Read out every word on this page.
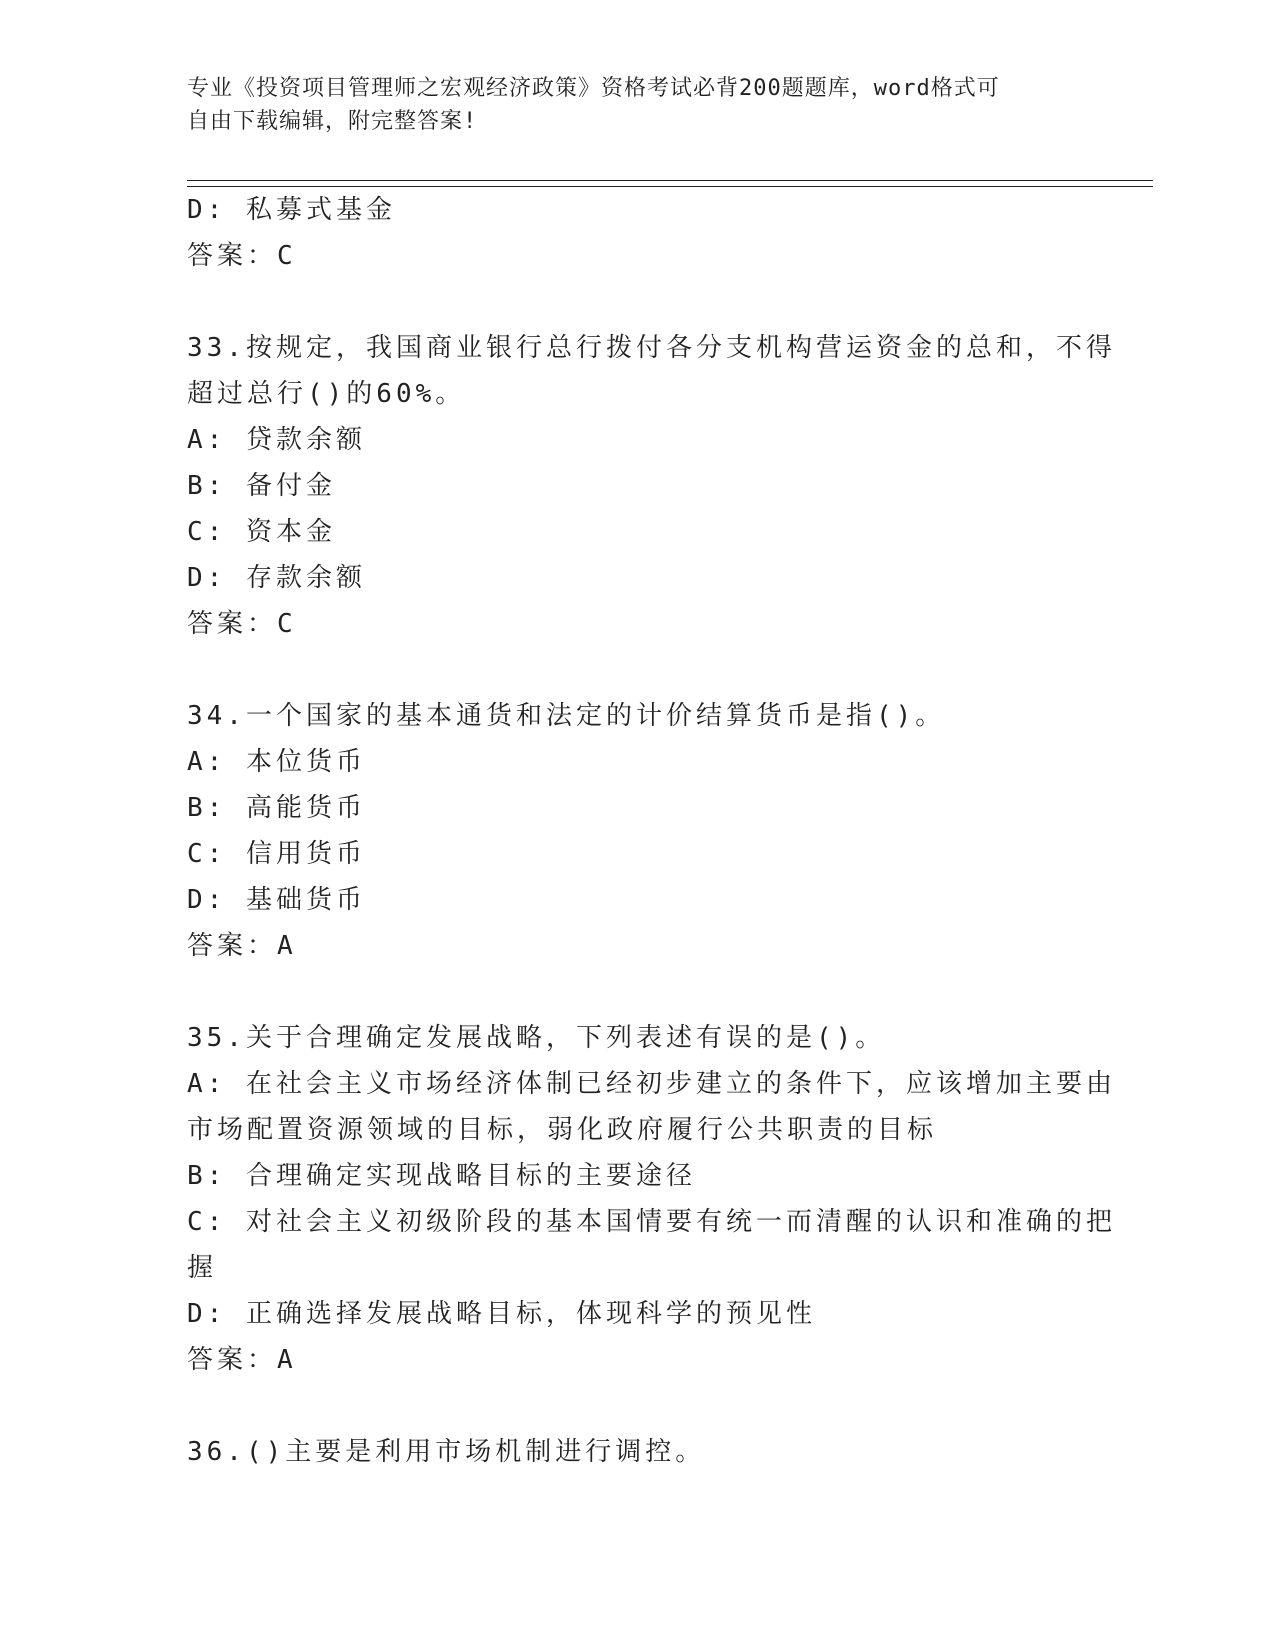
专业《投资项目管理师之宏观经济政策》资格考试必背200题题库，word格式可
自由下载编辑，附完整答案!

D: 私募式基金

答案：C

33.按规定，我国商业银行总行拨付各分支机构营运资金的总和，不得

超过总行()的60%。

A: 贷款余额

B: 备付金

C: 资本金

D: 存款余额

答案：C

34.一个国家的基本通货和法定的计价结算货币是指()。

A: 本位货币

B: 高能货币

C: 信用货币

D: 基础货币

答案：A

35.关于合理确定发展战略，下列表述有误的是()。

A: 在社会主义市场经济体制已经初步建立的条件下，应该增加主要由

市场配置资源领域的目标，弱化政府履行公共职责的目标

B: 合理确定实现战略目标的主要途径

C: 对社会主义初级阶段的基本国情要有统一而清醒的认识和准确的把

握

D: 正确选择发展战略目标，体现科学的预见性

答案：A

36.()主要是利用市场机制进行调控。
